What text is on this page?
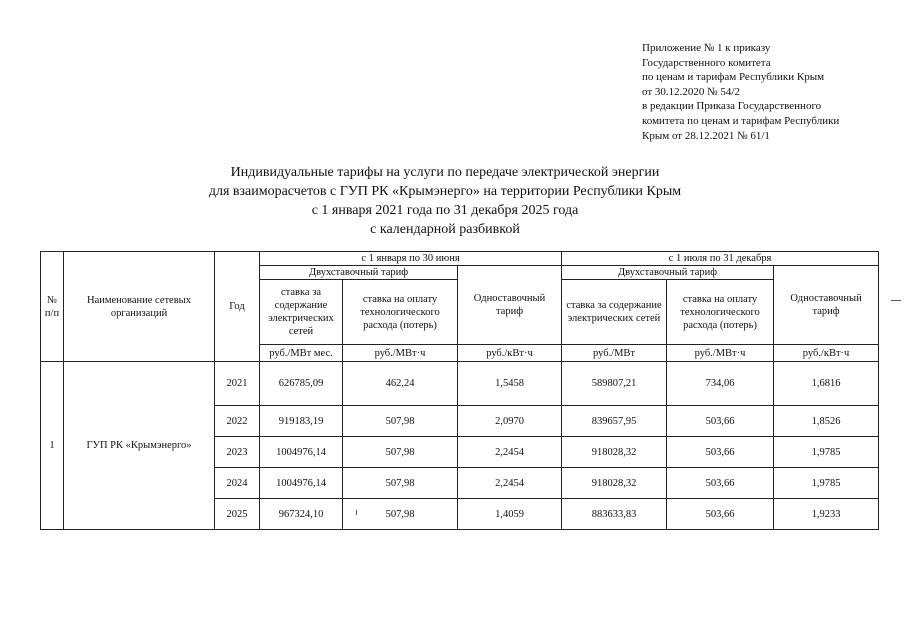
Приложение № 1 к приказу
Государственного комитета
по ценам и тарифам Республики Крым
от 30.12.2020 № 54/2
в редакции Приказа Государственного
комитета по ценам и тарифам Республики
Крым от 28.12.2021 № 61/1
Индивидуальные тарифы на услуги по передаче электрической энергии
для взаиморасчетов с ГУП РК «Крымэнерго» на территории Республики Крым
с 1 января 2021 года по 31 декабря 2025 года
с календарной разбивкой
№ п/п	Наименование сетевых организаций	Год	с 1 января по 30 июня			с 1 июля по 31 декабря		
			Двухставочный тариф		Одноставочный тариф	Двухставочный тариф		Одноставочный тариф
			ставка за содержание электрических сетей	ставка на оплату технологического расхода (потерь)		ставка за содержание электрических сетей	ставка на оплату технологического расхода (потерь)	
			руб./МВт мес.	руб./МВт·ч	руб./кВт·ч	руб./МВт	руб./МВт·ч	руб./кВт·ч
1	ГУП РК «Крымэнерго»	2021	626785,09	462,24	1,5458	589807,21	734,06	1,6816
		2022	919183,19	507,98	2,0970	839657,95	503,66	1,8526
		2023	1004976,14	507,98	2,2454	918028,32	503,66	1,9785
		2024	1004976,14	507,98	2,2454	918028,32	503,66	1,9785
		2025	967324,10	507,98	1,4059	883633,83	503,66	1,9233
